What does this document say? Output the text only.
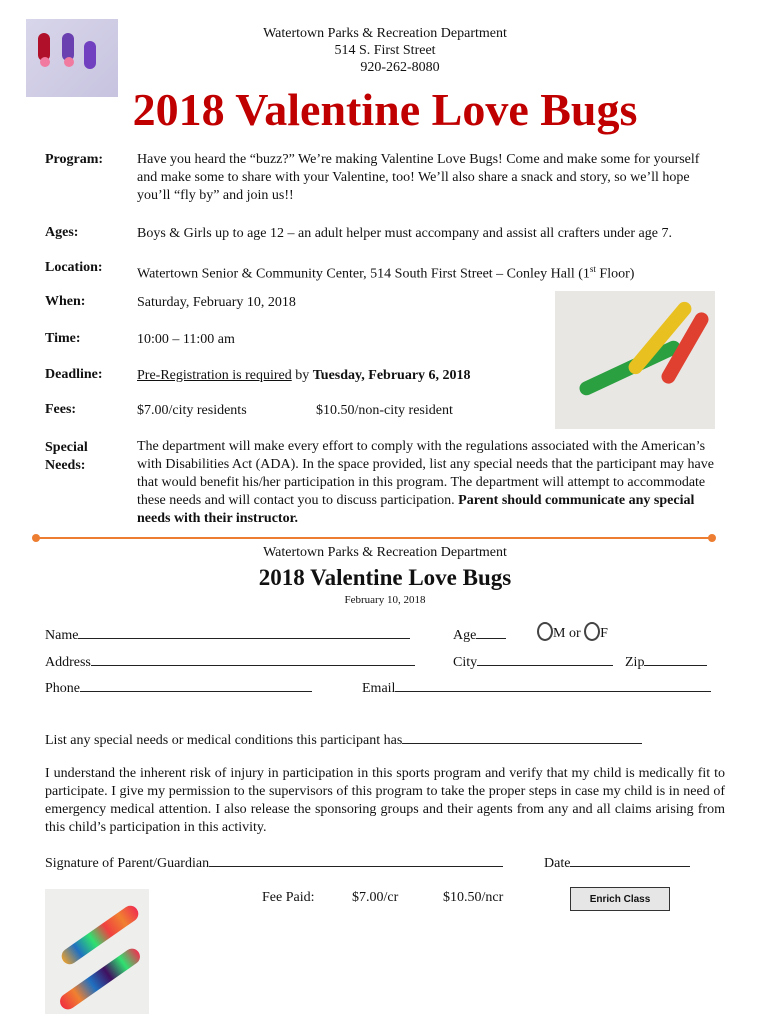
Watertown Parks & Recreation Department
514 S. First Street
920-262-8080
2018 Valentine Love Bugs
Program: Have you heard the “buzz?” We’re making Valentine Love Bugs! Come and make some for yourself and make some to share with your Valentine, too! We’ll also share a snack and story, so we’ll hope you’ll “fly by” and join us!!
Ages:	Boys & Girls up to age 12 – an adult helper must accompany and assist all crafters under age 7.
Location: Watertown Senior & Community Center, 514 South First Street – Conley Hall (1st Floor)
When:	Saturday, February 10, 2018
Time:	10:00 – 11:00 am
Deadline: Pre-Registration is required by Tuesday, February 6, 2018
Fees:	$7.00/city residents	$10.50/non-city resident
Special
Needs:
The department will make every effort to comply with the regulations associated with the American’s with Disabilities Act (ADA). In the space provided, list any special needs that the participant may have that would benefit his/her participation in this program. The department will attempt to accommodate these needs and will contact you to discuss participation. Parent should communicate any special needs with their instructor.
Watertown Parks & Recreation Department
2018 Valentine Love Bugs
February 10, 2018
Name	Age	M or F
Address	City	Zip
Phone	Email
List any special needs or medical conditions this participant has
I understand the inherent risk of injury in participation in this sports program and verify that my child is medically fit to participate. I give my permission to the supervisors of this program to take the proper steps in case my child is in need of emergency medical attention. I also release the sponsoring groups and their agents from any and all claims arising from this child’s participation in this activity.
Signature of Parent/Guardian	Date
Fee Paid:	$7.00/cr	$10.50/ncr	Enrich Class
